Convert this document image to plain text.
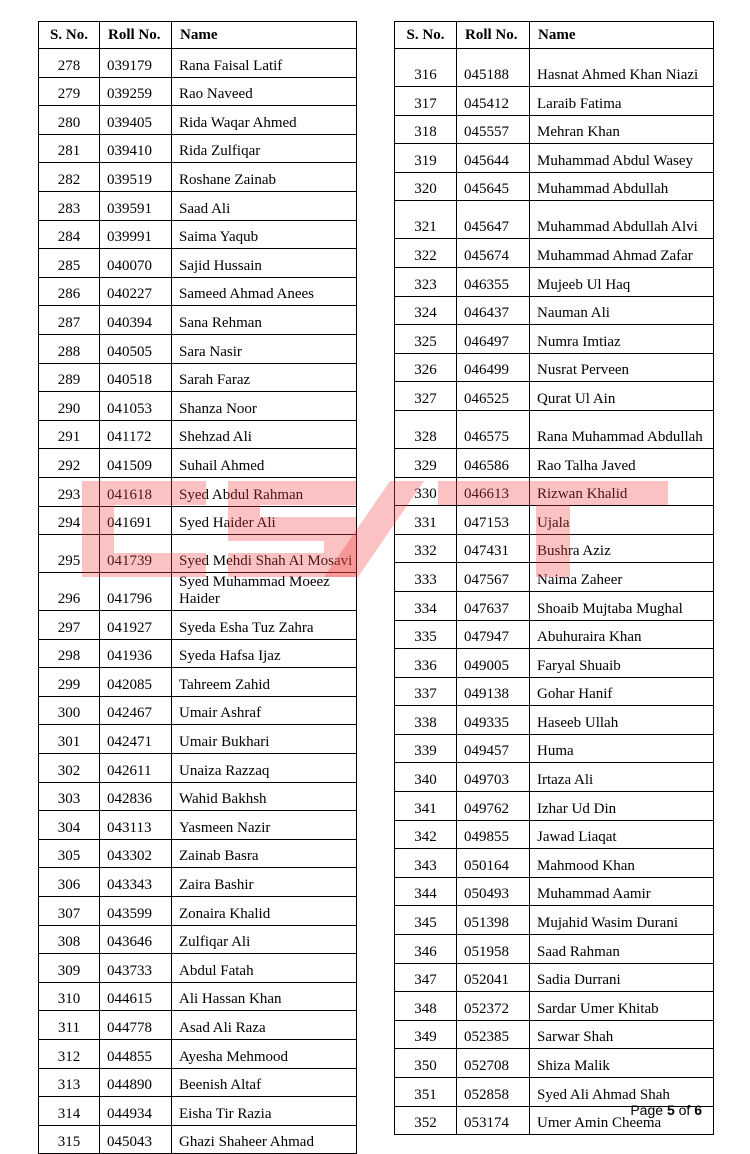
S. No.	Roll No.	Name
278	039179	Rana Faisal Latif
279	039259	Rao Naveed
280	039405	Rida Waqar Ahmed
281	039410	Rida Zulfiqar
282	039519	Roshane Zainab
283	039591	Saad Ali
284	039991	Saima Yaqub
285	040070	Sajid Hussain
286	040227	Sameed Ahmad Anees
287	040394	Sana Rehman
288	040505	Sara Nasir
289	040518	Sarah Faraz
290	041053	Shanza Noor
291	041172	Shehzad Ali
292	041509	Suhail Ahmed
293	041618	Syed Abdul Rahman
294	041691	Syed Haider Ali
295	041739	Syed Mehdi Shah Al Mosavi
296	041796	Syed Muhammad Moeez Haider
297	041927	Syeda Esha Tuz Zahra
298	041936	Syeda Hafsa Ijaz
299	042085	Tahreem Zahid
300	042467	Umair Ashraf
301	042471	Umair Bukhari
302	042611	Unaiza Razzaq
303	042836	Wahid Bakhsh
304	043113	Yasmeen Nazir
305	043302	Zainab Basra
306	043343	Zaira Bashir
307	043599	Zonaira Khalid
308	043646	Zulfiqar Ali
309	043733	Abdul Fatah
310	044615	Ali Hassan Khan
311	044778	Asad Ali Raza
312	044855	Ayesha Mehmood
313	044890	Beenish Altaf
314	044934	Eisha Tir Razia
315	045043	Ghazi Shaheer Ahmad
S. No.	Roll No.	Name
316	045188	Hasnat Ahmed Khan Niazi
317	045412	Laraib Fatima
318	045557	Mehran Khan
319	045644	Muhammad Abdul Wasey
320	045645	Muhammad Abdullah
321	045647	Muhammad Abdullah Alvi
322	045674	Muhammad Ahmad Zafar
323	046355	Mujeeb Ul Haq
324	046437	Nauman Ali
325	046497	Numra Imtiaz
326	046499	Nusrat Perveen
327	046525	Qurat Ul Ain
328	046575	Rana Muhammad Abdullah
329	046586	Rao Talha Javed
330	046613	Rizwan Khalid
331	047153	Ujala
332	047431	Bushra Aziz
333	047567	Naima Zaheer
334	047637	Shoaib Mujtaba Mughal
335	047947	Abuhuraira Khan
336	049005	Faryal Shuaib
337	049138	Gohar Hanif
338	049335	Haseeb Ullah
339	049457	Huma
340	049703	Irtaza Ali
341	049762	Izhar Ud Din
342	049855	Jawad Liaqat
343	050164	Mahmood Khan
344	050493	Muhammad Aamir
345	051398	Mujahid Wasim Durani
346	051958	Saad Rahman
347	052041	Sadia Durrani
348	052372	Sardar Umer Khitab
349	052385	Sarwar Shah
350	052708	Shiza Malik
351	052858	Syed Ali Ahmad Shah
352	053174	Umer Amin Cheema
Page 5 of 6
